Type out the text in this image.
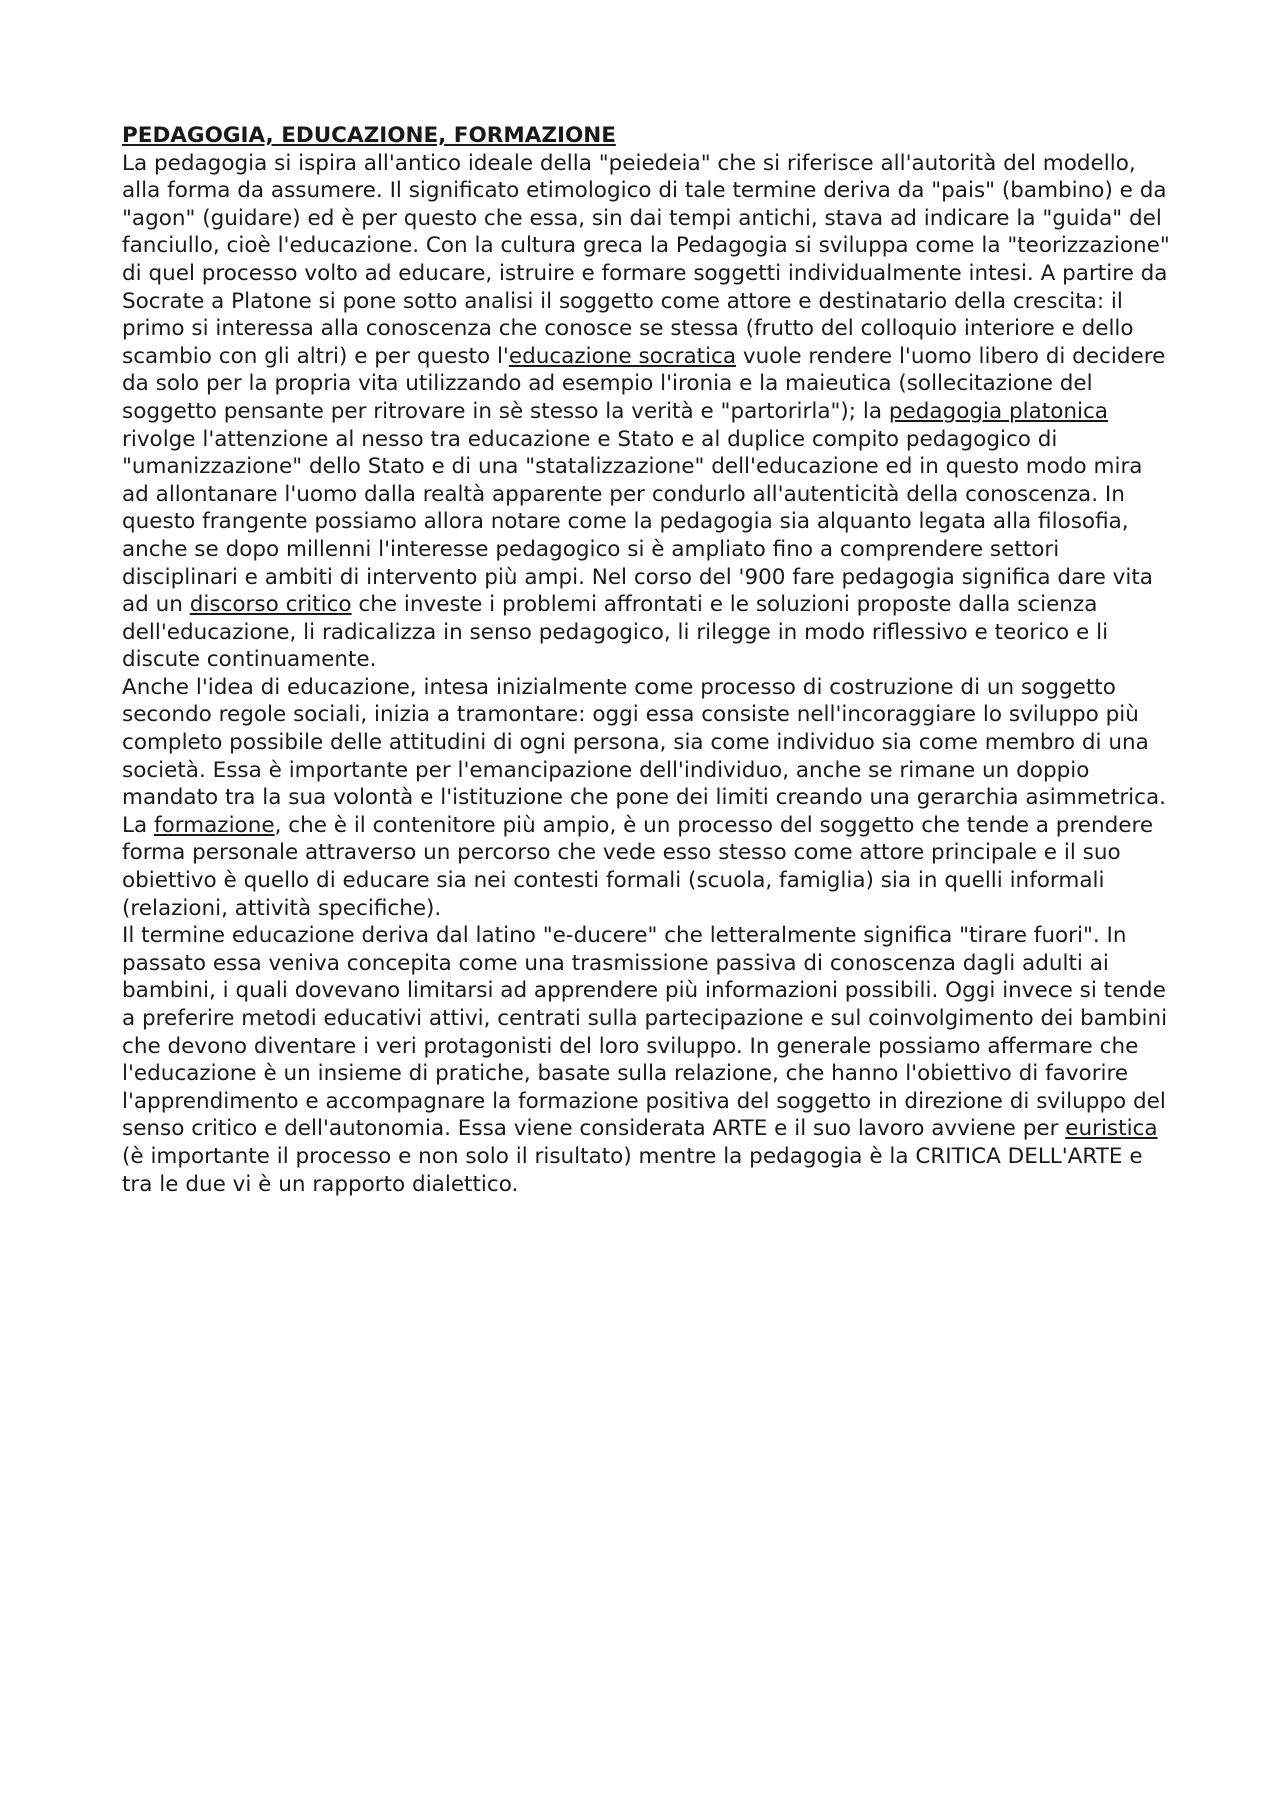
PEDAGOGIA, EDUCAZIONE, FORMAZIONE

La pedagogia si ispira all'antico ideale della "peiedeia" che si riferisce all'autorità del modello, alla forma da assumere. Il significato etimologico di tale termine deriva da "pais" (bambino) e da "agon" (guidare) ed è per questo che essa, sin dai tempi antichi, stava ad indicare la "guida" del fanciullo, cioè l'educazione. Con la cultura greca la Pedagogia si sviluppa come la "teorizzazione" di quel processo volto ad educare, istruire e formare soggetti individualmente intesi. A partire da Socrate a Platone si pone sotto analisi il soggetto come attore e destinatario della crescita: il primo si interessa alla conoscenza che conosce se stessa (frutto del colloquio interiore e dello scambio con gli altri) e per questo l'educazione socratica vuole rendere l'uomo libero di decidere da solo per la propria vita utilizzando ad esempio l'ironia e la maieutica (sollecitazione del soggetto pensante per ritrovare in sè stesso la verità e "partorirla"); la pedagogia platonica rivolge l'attenzione al nesso tra educazione e Stato e al duplice compito pedagogico di "umanizzazione" dello Stato e di una "statalizzazione" dell'educazione ed in questo modo mira ad allontanare l'uomo dalla realtà apparente per condurlo all'autenticità della conoscenza. In questo frangente possiamo allora notare come la pedagogia sia alquanto legata alla filosofia, anche se dopo millenni l'interesse pedagogico si è ampliato fino a comprendere settori disciplinari e ambiti di intervento più ampi. Nel corso del '900 fare pedagogia significa dare vita ad un discorso critico che investe i problemi affrontati e le soluzioni proposte dalla scienza dell'educazione, li radicalizza in senso pedagogico, li rilegge in modo riflessivo e teorico e li discute continuamente.

Anche l'idea di educazione, intesa inizialmente come processo di costruzione di un soggetto secondo regole sociali, inizia a tramontare: oggi essa consiste nell'incoraggiare lo sviluppo più completo possibile delle attitudini di ogni persona, sia come individuo sia come membro di una società. Essa è importante per l'emancipazione dell'individuo, anche se rimane un doppio mandato tra la sua volontà e l'istituzione che pone dei limiti creando una gerarchia asimmetrica. La formazione, che è il contenitore più ampio, è un processo del soggetto che tende a prendere forma personale attraverso un percorso che vede esso stesso come attore principale e il suo obiettivo è quello di educare sia nei contesti formali (scuola, famiglia) sia in quelli informali (relazioni, attività specifiche).

Il termine educazione deriva dal latino "e-ducere" che letteralmente significa "tirare fuori". In passato essa veniva concepita come una trasmissione passiva di conoscenza dagli adulti ai bambini, i quali dovevano limitarsi ad apprendere più informazioni possibili. Oggi invece si tende a preferire metodi educativi attivi, centrati sulla partecipazione e sul coinvolgimento dei bambini che devono diventare i veri protagonisti del loro sviluppo. In generale possiamo affermare che l'educazione è un insieme di pratiche, basate sulla relazione, che hanno l'obiettivo di favorire l'apprendimento e accompagnare la formazione positiva del soggetto in direzione di sviluppo del senso critico e dell'autonomia. Essa viene considerata ARTE e il suo lavoro avviene per euristica (è importante il processo e non solo il risultato) mentre la pedagogia è la CRITICA DELL'ARTE e tra le due vi è un rapporto dialettico.
